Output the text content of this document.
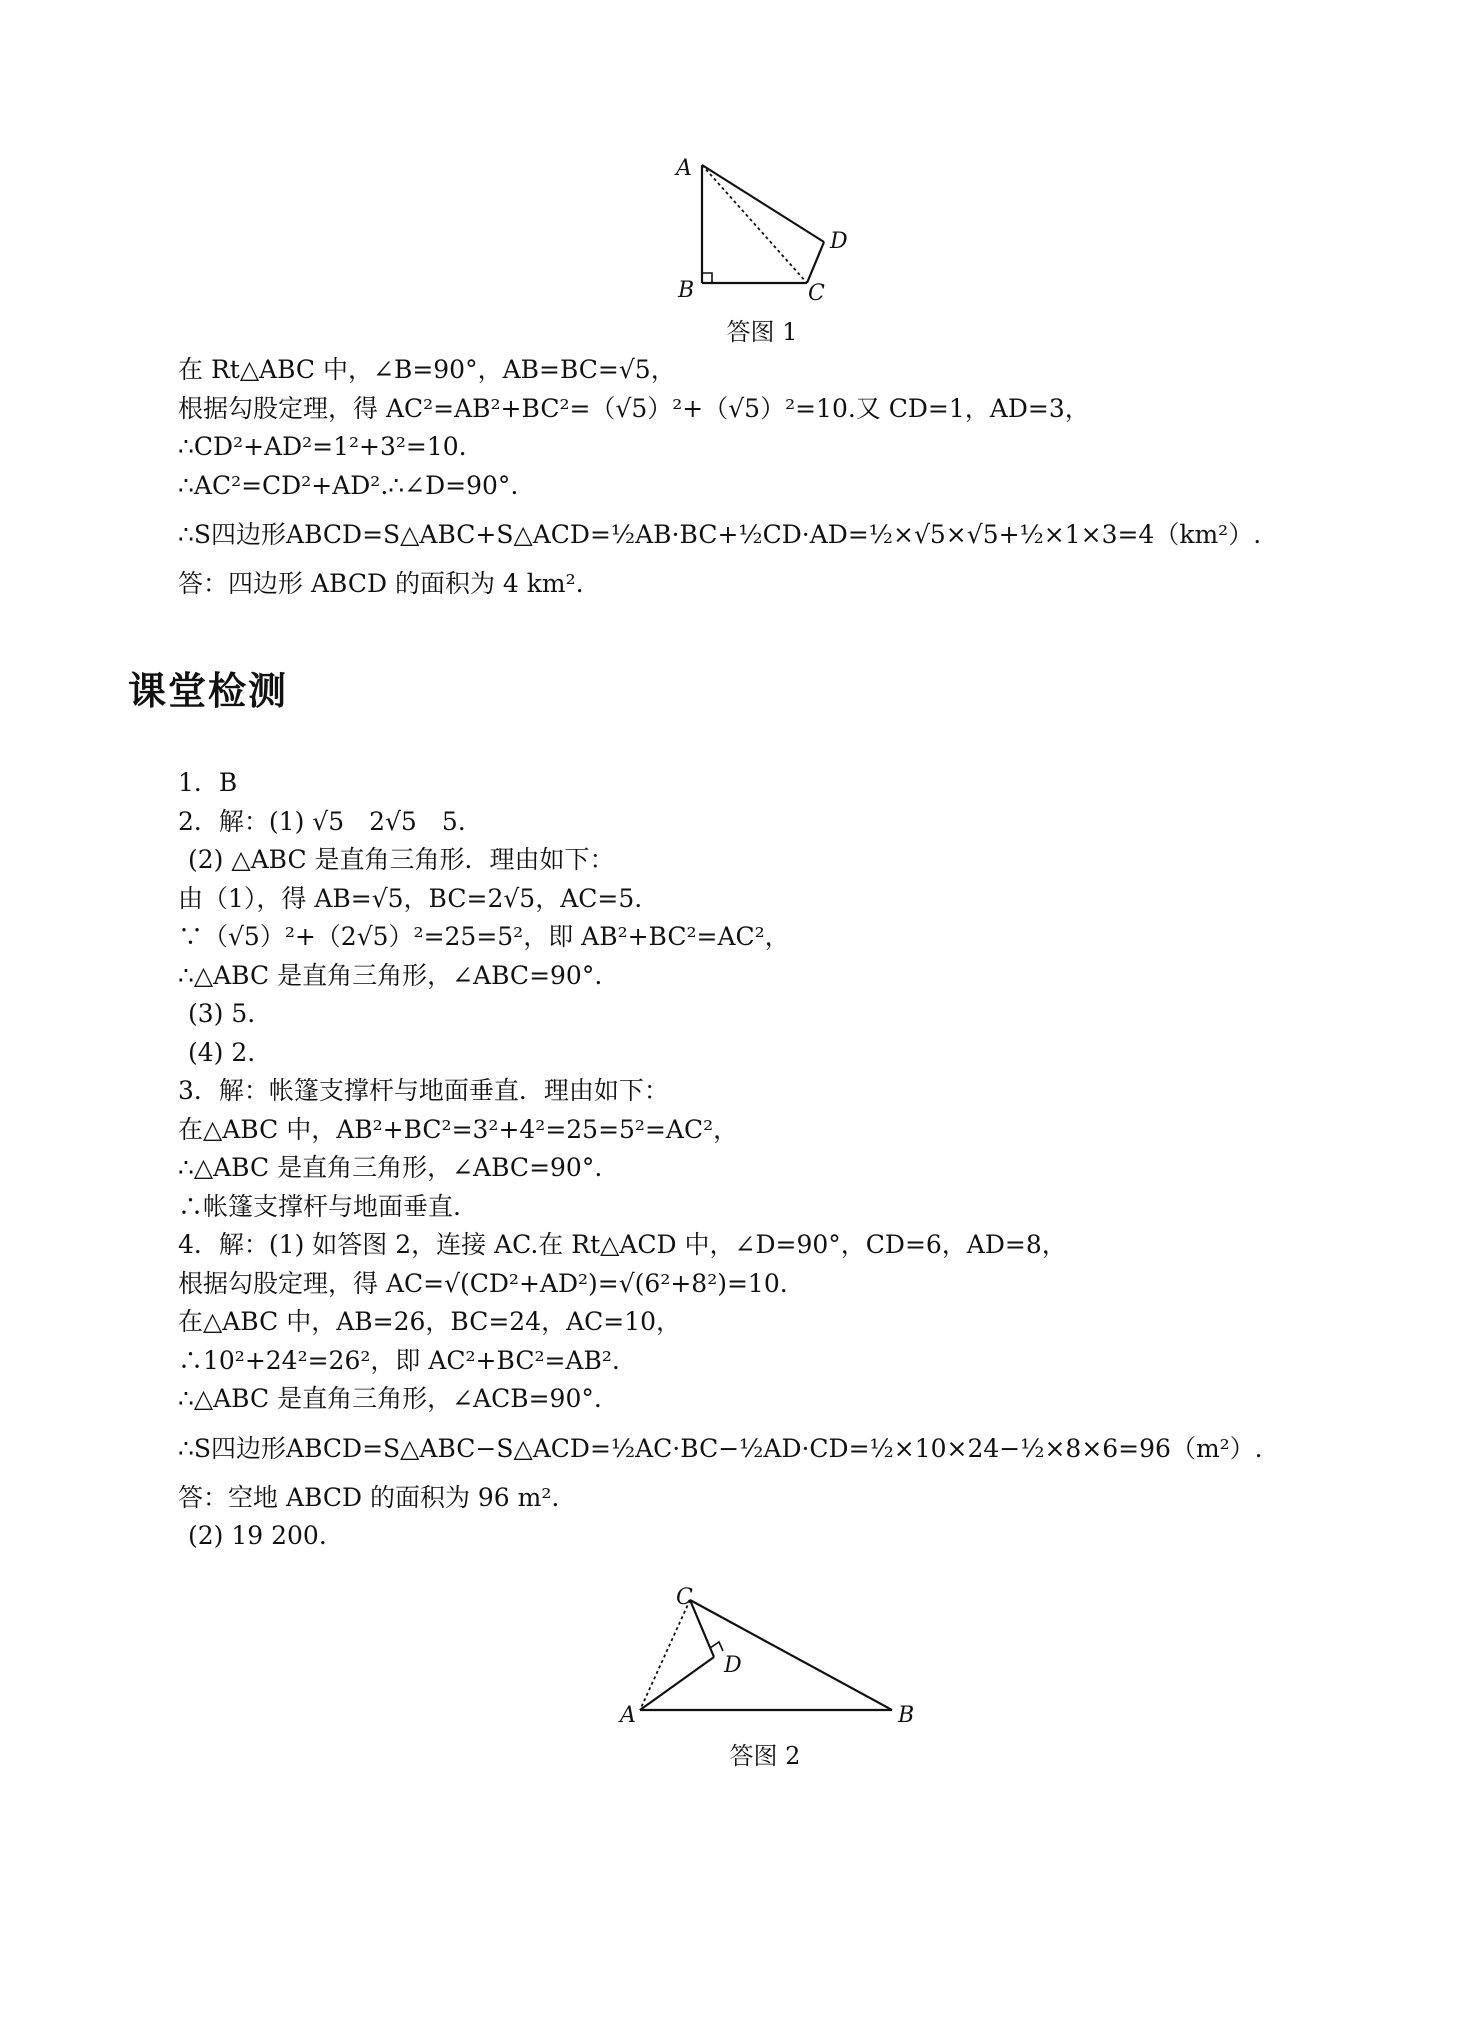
A
B	C
D
答图 1
在 Rt△ABC 中，∠B=90°，AB=BC=√5，
根据勾股定理，得 AC²=AB²+BC²=（√5）²+（√5）²=10.又 CD=1，AD=3，
∴CD²+AD²=1²+3²=10.
∴AC²=CD²+AD².∴∠D=90°.
∴S四边形ABCD=S△ABC+S△ACD=½AB·BC+½CD·AD=½×√5×√5+½×1×3=4（km²）.
答：四边形 ABCD 的面积为 4 km².
课堂检测
1．B
2．解：(1) √5　2√5　5.
(2) △ABC 是直角三角形．理由如下：
由（1），得 AB=√5，BC=2√5，AC=5.
∵（√5）²+（2√5）²=25=5²，即 AB²+BC²=AC²，
∴△ABC 是直角三角形，∠ABC=90°.
(3) 5.
(4) 2.
3．解：帐篷支撑杆与地面垂直．理由如下：
在△ABC 中，AB²+BC²=3²+4²=25=5²=AC²，
∴△ABC 是直角三角形，∠ABC=90°.
∴帐篷支撑杆与地面垂直.
4．解：(1) 如答图 2，连接 AC.在 Rt△ACD 中，∠D=90°，CD=6，AD=8，
根据勾股定理，得 AC=√(CD²+AD²)=√(6²+8²)=10.
在△ABC 中，AB=26，BC=24，AC=10，
∴10²+24²=26²，即 AC²+BC²=AB².
∴△ABC 是直角三角形，∠ACB=90°.
∴S四边形ABCD=S△ABC−S△ACD=½AC·BC−½AD·CD=½×10×24−½×8×6=96（m²）.
答：空地 ABCD 的面积为 96 m².
(2) 19 200.
C
D
A	B
答图 2
